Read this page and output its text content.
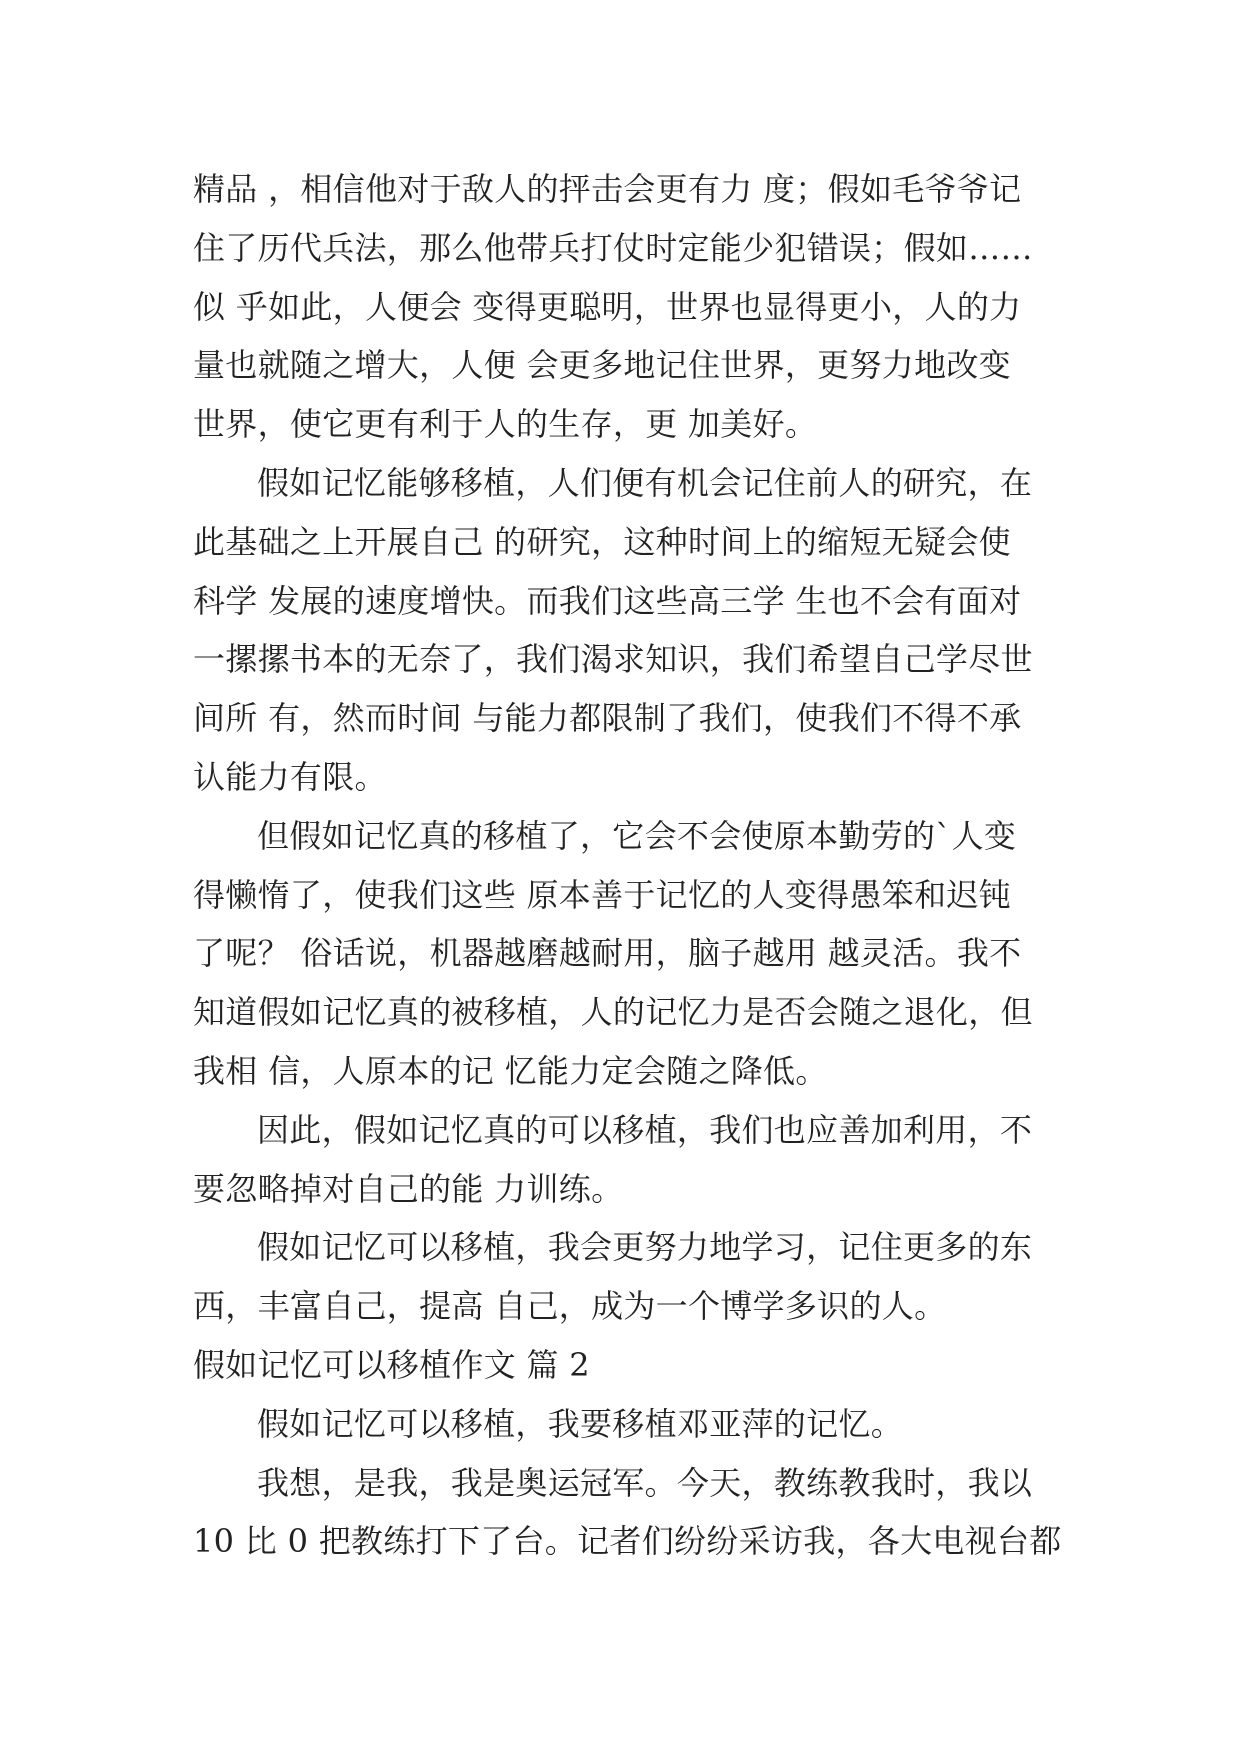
精品 ，相信他对于敌人的抨击会更有力 度；假如毛爷爷记
住了历代兵法，那么他带兵打仗时定能少犯错误；假如……
似 乎如此，人便会 变得更聪明，世界也显得更小，人的力
量也就随之增大，人便 会更多地记住世界，更努力地改变
世界，使它更有利于人的生存，更 加美好。
假如记忆能够移植，人们便有机会记住前人的研究，在
此基础之上开展自己 的研究，这种时间上的缩短无疑会使
科学 发展的速度增快。而我们这些高三学 生也不会有面对
一摞摞书本的无奈了，我们渴求知识，我们希望自己学尽世
间所 有，然而时间 与能力都限制了我们，使我们不得不承
认能力有限。
但假如记忆真的移植了，它会不会使原本勤劳的`人变
得懒惰了，使我们这些 原本善于记忆的人变得愚笨和迟钝
了呢？ 俗话说，机器越磨越耐用，脑子越用 越灵活。我不
知道假如记忆真的被移植，人的记忆力是否会随之退化，但
我相 信，人原本的记 忆能力定会随之降低。
因此，假如记忆真的可以移植，我们也应善加利用，不
要忽略掉对自己的能 力训练。
假如记忆可以移植，我会更努力地学习，记住更多的东
西，丰富自己，提高 自己，成为一个博学多识的人。
假如记忆可以移植作文 篇 2
假如记忆可以移植，我要移植邓亚萍的记忆。
我想，是我，我是奥运冠军。今天，教练教我时，我以
10 比 0 把教练打下了台。记者们纷纷采访我，各大电视台都
